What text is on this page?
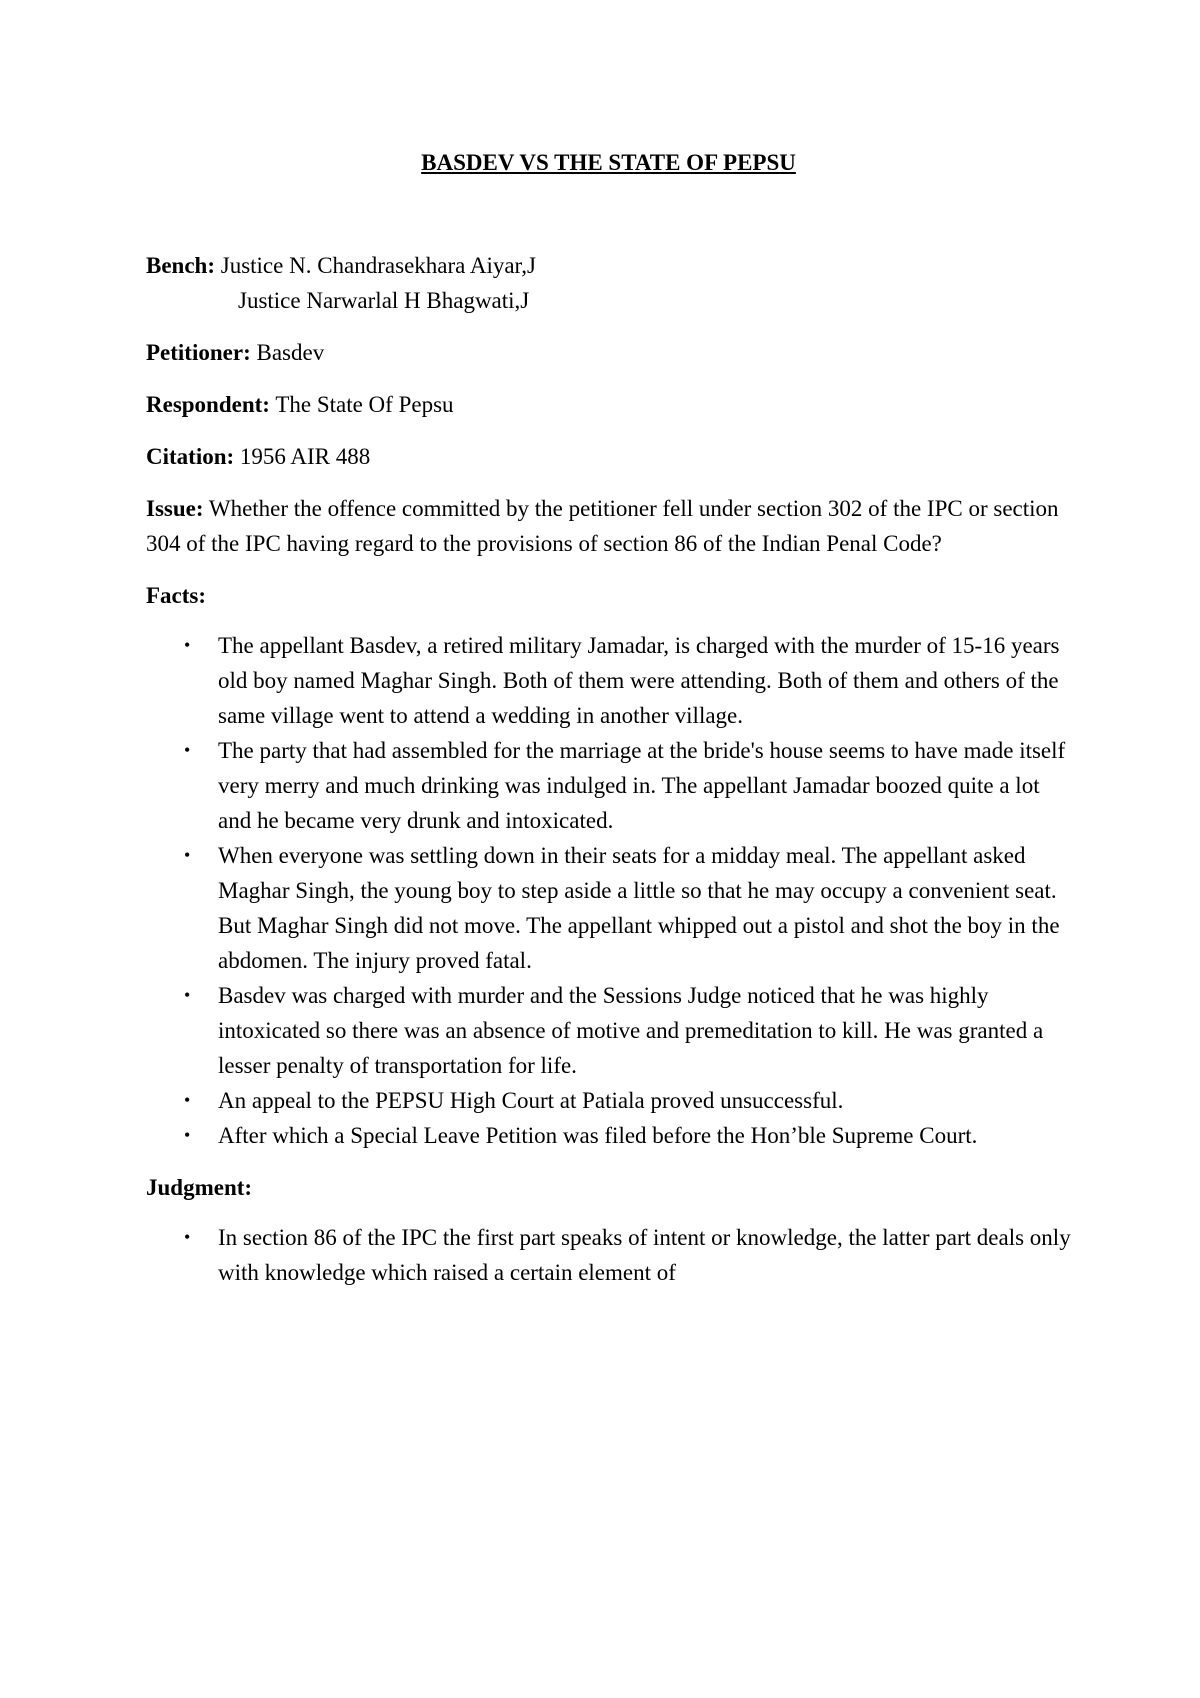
BASDEV VS THE STATE OF PEPSU

Bench: Justice N. Chandrasekhara Aiyar,J

Justice Narwarlal H Bhagwati,J

Petitioner: Basdev

Respondent: The State Of Pepsu

Citation: 1956 AIR 488

Issue: Whether the offence committed by the petitioner fell under section 302 of the IPC or section 304 of the IPC having regard to the provisions of section 86 of the Indian Penal Code?

Facts:

• The appellant Basdev, a retired military Jamadar, is charged with the murder of 15-16 years old boy named Maghar Singh. Both of them were attending. Both of them and others of the same village went to attend a wedding in another village.
• The party that had assembled for the marriage at the bride's house seems to have made itself very merry and much drinking was indulged in. The appellant Jamadar boozed quite a lot and he became very drunk and intoxicated.
• When everyone was settling down in their seats for a midday meal. The appellant asked Maghar Singh, the young boy to step aside a little so that he may occupy a convenient seat. But Maghar Singh did not move. The appellant whipped out a pistol and shot the boy in the abdomen. The injury proved fatal.
• Basdev was charged with murder and the Sessions Judge noticed that he was highly intoxicated so there was an absence of motive and premeditation to kill. He was granted a lesser penalty of transportation for life.
• An appeal to the PEPSU High Court at Patiala proved unsuccessful.
• After which a Special Leave Petition was filed before the Hon’ble Supreme Court.

Judgment:

• In section 86 of the IPC the first part speaks of intent or knowledge, the latter part deals only with knowledge which raised a certain element of
